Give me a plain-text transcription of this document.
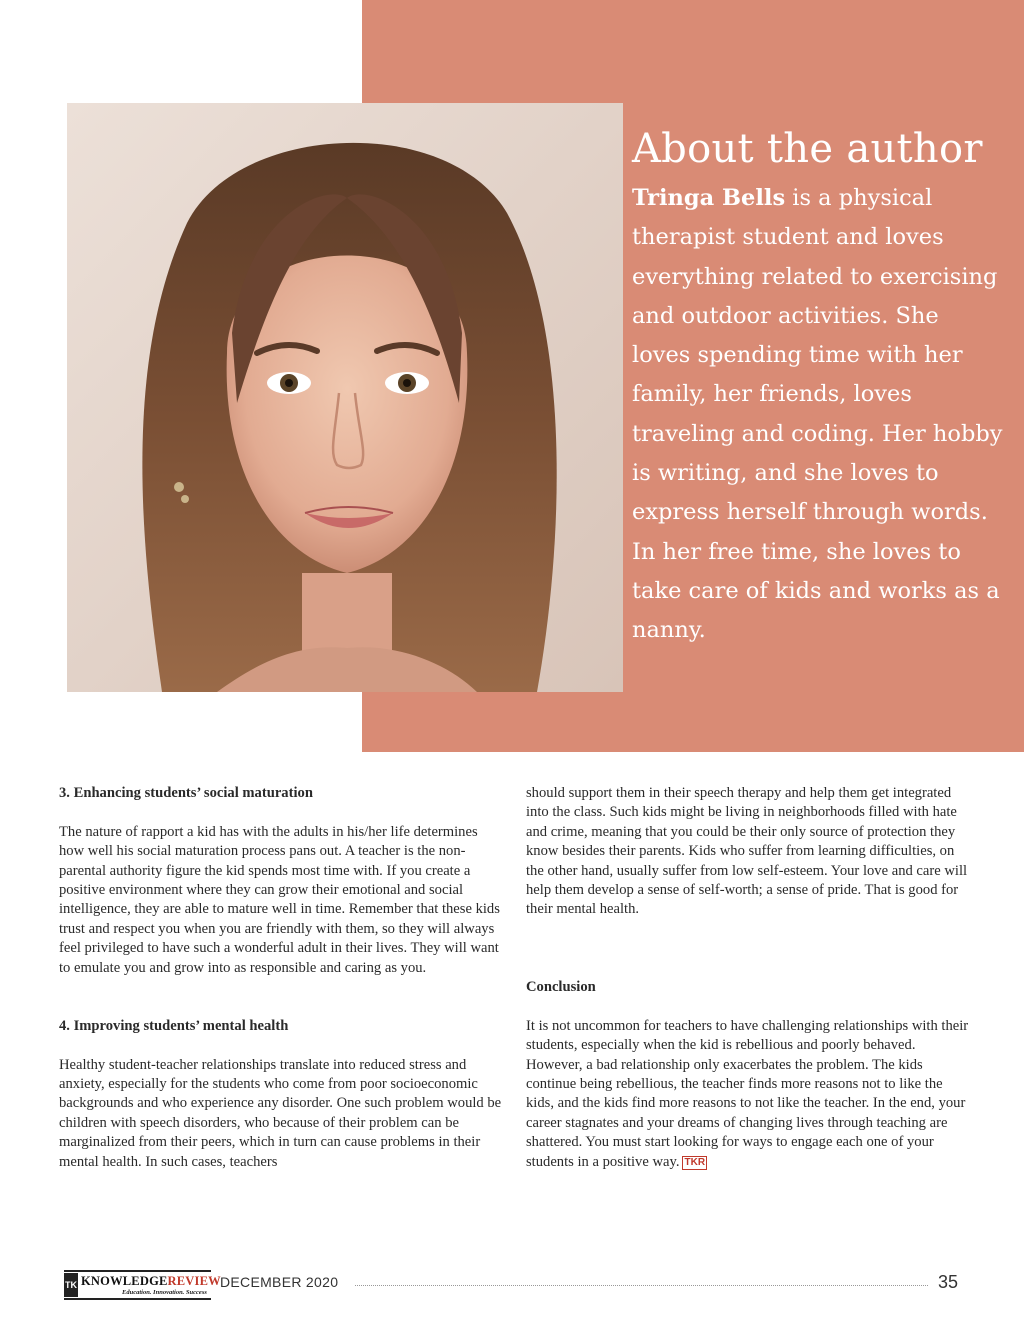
About the author

Tringa Bells is a physical therapist student and loves everything related to exercising and outdoor activities. She loves spending time with her family, her friends, loves traveling and coding. Her hobby is writing, and she loves to express herself through words. In her free time, she loves to take care of kids and works as a nanny.

3. Enhancing students’ social maturation

The nature of rapport a kid has with the adults in his/her life determines how well his social maturation process pans out. A teacher is the non-parental authority figure the kid spends most time with. If you create a positive environment where they can grow their emotional and social intelligence, they are able to mature well in time. Remember that these kids trust and respect you when you are friendly with them, so they will always feel privileged to have such a wonderful adult in their lives. They will want to emulate you and grow into as responsible and caring as you.

4. Improving students’ mental health

Healthy student-teacher relationships translate into reduced stress and anxiety, especially for the students who come from poor socioeconomic backgrounds and who experience any disorder. One such problem would be children with speech disorders, who because of their problem can be marginalized from their peers, which in turn can cause problems in their mental health. In such cases, teachers

should support them in their speech therapy and help them get integrated into the class. Such kids might be living in neighborhoods filled with hate and crime, meaning that you could be their only source of protection they know besides their parents. Kids who suffer from learning difficulties, on the other hand, usually suffer from low self-esteem. Your love and care will help them develop a sense of self-worth; a sense of pride. That is good for their mental health.

Conclusion

It is not uncommon for teachers to have challenging relationships with their students, especially when the kid is rebellious and poorly behaved. However, a bad relationship only exacerbates the problem. The kids continue being rebellious, the teacher finds more reasons not to like the kids, and the kids find more reasons to not like the teacher. In the end, your career stagnates and your dreams of changing lives through teaching are shattered. You must start looking for ways to engage each one of your students in a positive way. TKR

TK KNOWLEDGEREVIEW
Education. Innovation. Success
DECEMBER 2020	35
